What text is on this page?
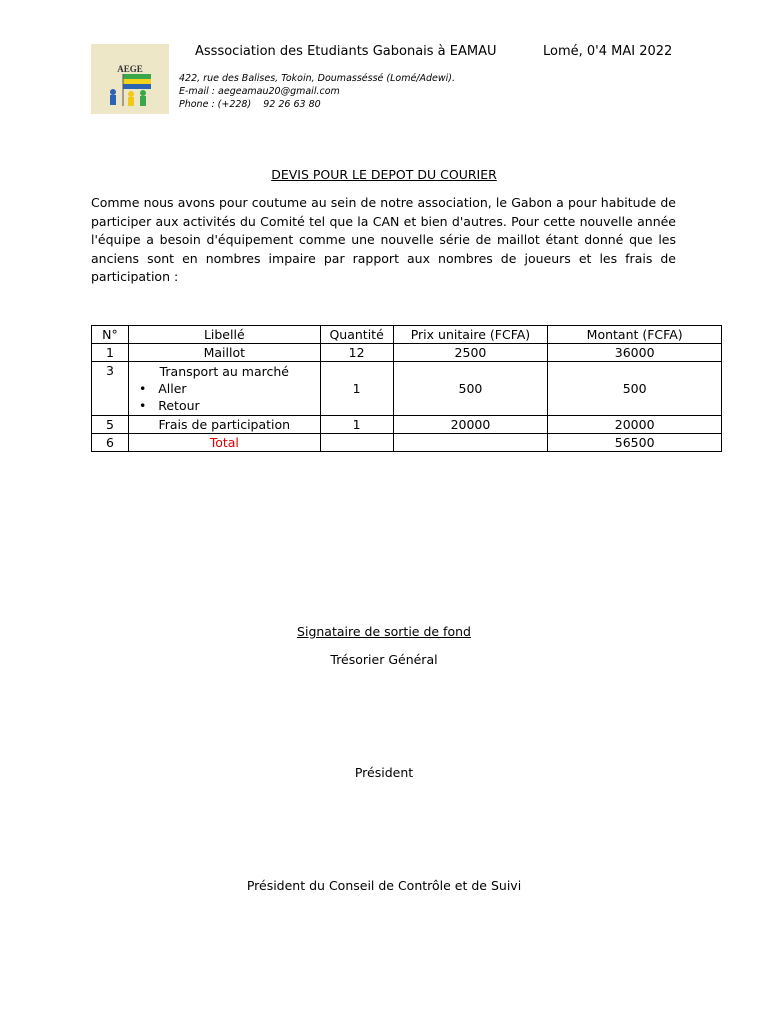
AEGE
Asssociation des Etudiants Gabonais à EAMAU	Lomé, 0'4 MAI 2022
422, rue des Balises, Tokoin, Doumasséssé (Lomé/Adewi).
E-mail : aegeamau20@gmail.com
Phone : (+228)    92 26 63 80
DEVIS POUR LE DEPOT DU COURIER
Comme nous avons pour coutume au sein de notre association, le Gabon a pour habitude de participer aux activités du Comité tel que la CAN et bien d'autres. Pour cette nouvelle année l'équipe a besoin d'équipement comme une nouvelle série de maillot étant donné que les anciens sont en nombres impaire par rapport aux nombres de joueurs et les frais de participation :
N°	Libellé	Quantité	Prix unitaire (FCFA)	Montant (FCFA)
1	Maillot	12	2500	36000
3	Transport au marché
• Aller
• Retour	1	500	500
5	Frais de participation	1	20000	20000
6	Total			56500
Signataire de sortie de fond
Trésorier Général
Président
Président du Conseil de Contrôle et de Suivi
